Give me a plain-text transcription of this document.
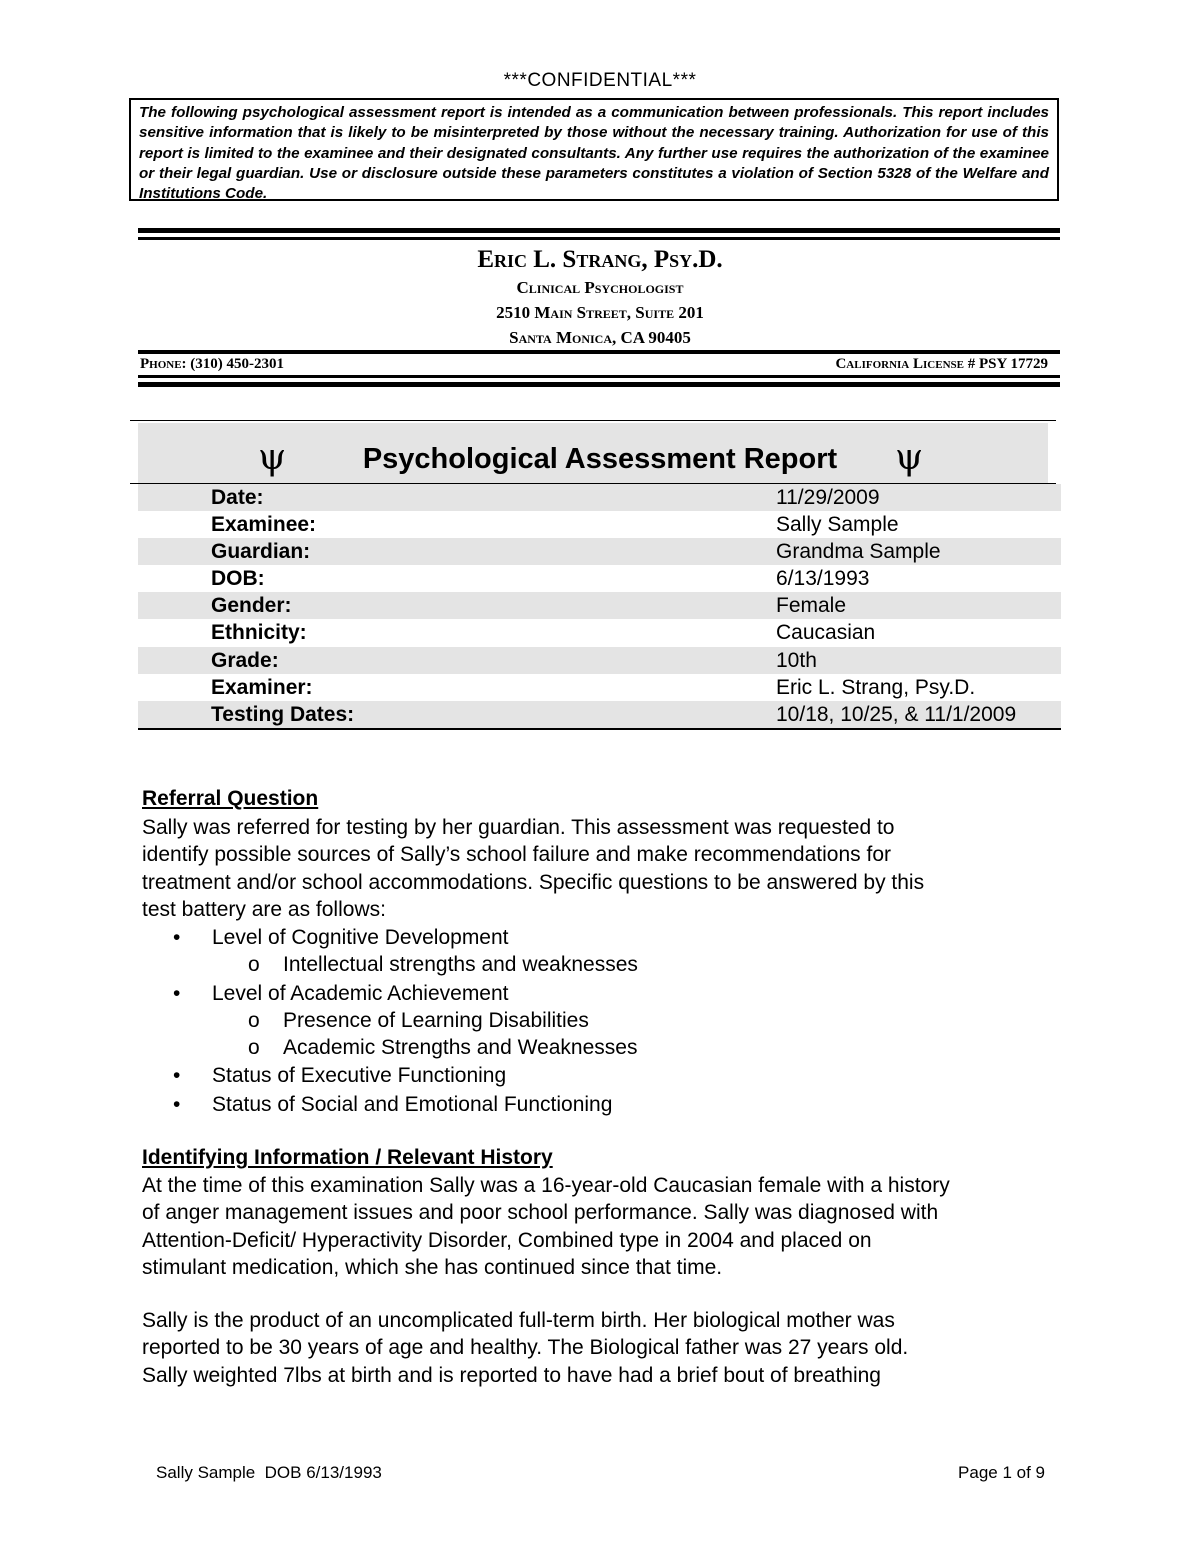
***CONFIDENTIAL***
The following psychological assessment report is intended as a communication between professionals. This report includes sensitive information that is likely to be misinterpreted by those without the necessary training. Authorization for use of this report is limited to the examinee and their designated consultants. Any further use requires the authorization of the examinee or their legal guardian. Use or disclosure outside these parameters constitutes a violation of Section 5328 of the Welfare and Institutions Code.
Eric L. Strang, Psy.D.
Clinical Psychologist
2510 Main Street, Suite 201
Santa Monica, CA 90405
Phone: (310) 450-2301	California License # PSY 17729
ψ	Psychological Assessment Report	ψ
Date:	11/29/2009
Examinee:	Sally Sample
Guardian:	Grandma Sample
DOB:	6/13/1993
Gender:	Female
Ethnicity:	Caucasian
Grade:	10th
Examiner:	Eric L. Strang, Psy.D.
Testing Dates:	10/18, 10/25, & 11/1/2009
Referral Question

Sally was referred for testing by her guardian. This assessment was requested to

identify possible sources of Sally’s school failure and make recommendations for

treatment and/or school accommodations. Specific questions to be answered by this

test battery are as follows:

• Level of Cognitive Development
o Intellectual strengths and weaknesses
• Level of Academic Achievement
o Presence of Learning Disabilities
o Academic Strengths and Weaknesses
• Status of Executive Functioning
• Status of Social and Emotional Functioning
Identifying Information / Relevant History

At the time of this examination Sally was a 16-year-old Caucasian female with a history

of anger management issues and poor school performance. Sally was diagnosed with

Attention-Deficit/ Hyperactivity Disorder, Combined type in 2004 and placed on

stimulant medication, which she has continued since that time.

Sally is the product of an uncomplicated full-term birth. Her biological mother was

reported to be 30 years of age and healthy. The Biological father was 27 years old.

Sally weighted 7lbs at birth and is reported to have had a brief bout of breathing

Sally Sample  DOB 6/13/1993	Page 1 of 9
